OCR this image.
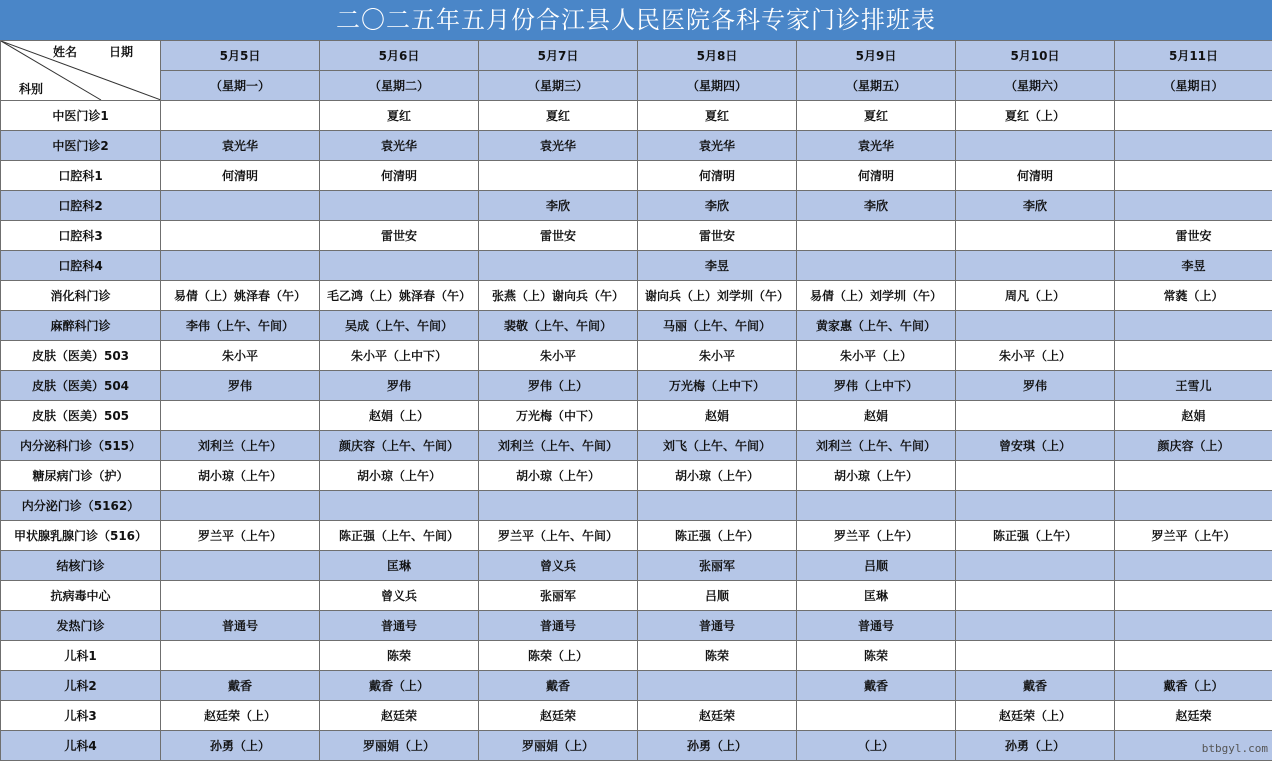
二〇二五年五月份合江县人民医院各科专家门诊排班表
姓名 日期
科别	5月5日	5月6日	5月7日	5月8日	5月9日	5月10日	5月11日
	（星期一）	（星期二）	（星期三）	（星期四）	（星期五）	（星期六）	（星期日）
中医门诊1		夏红	夏红	夏红	夏红	夏红（上）	
中医门诊2	袁光华	袁光华	袁光华	袁光华	袁光华		
口腔科1	何清明	何清明		何清明	何清明	何清明	
口腔科2			李欣	李欣	李欣	李欣	
口腔科3		雷世安	雷世安	雷世安			雷世安
口腔科4				李昱			李昱
消化科门诊	易倩（上）姚泽春（午）	毛乙鸿（上）姚泽春（午）	张燕（上）谢向兵（午）	谢向兵（上）刘学圳（午）	易倩（上）刘学圳（午）	周凡（上）	常蕤（上）
麻醉科门诊	李伟（上午、午间）	吴成（上午、午间）	裴敬（上午、午间）	马丽（上午、午间）	黄家惠（上午、午间）		
皮肤（医美）503	朱小平	朱小平（上中下）	朱小平	朱小平	朱小平（上）	朱小平（上）	
皮肤（医美）504	罗伟	罗伟	罗伟（上）	万光梅（上中下）	罗伟（上中下）	罗伟	王雪儿
皮肤（医美）505		赵娟（上）	万光梅（中下）	赵娟	赵娟		赵娟
内分泌科门诊（515）	刘利兰（上午）	颜庆容（上午、午间）	刘利兰（上午、午间）	刘飞（上午、午间）	刘利兰（上午、午间）	曾安琪（上）	颜庆容（上）
糖尿病门诊（护）	胡小琼（上午）	胡小琼（上午）	胡小琼（上午）	胡小琼（上午）	胡小琼（上午）		
内分泌门诊（5162）							
甲状腺乳腺门诊（516）	罗兰平（上午）	陈正强（上午、午间）	罗兰平（上午、午间）	陈正强（上午）	罗兰平（上午）	陈正强（上午）	罗兰平（上午）
结核门诊		匡琳	曾义兵	张丽军	吕顺		
抗病毒中心		曾义兵	张丽军	吕顺	匡琳		
发热门诊	普通号	普通号	普通号	普通号	普通号		
儿科1		陈荣	陈荣（上）	陈荣	陈荣		
儿科2	戴香	戴香（上）	戴香		戴香	戴香	戴香（上）
儿科3	赵廷荣（上）	赵廷荣	赵廷荣	赵廷荣		赵廷荣（上）	赵廷荣
儿科4	孙勇（上）	罗丽娟（上）	罗丽娟（上）	孙勇（上）	（上）	孙勇（上）		btbgyl.com
